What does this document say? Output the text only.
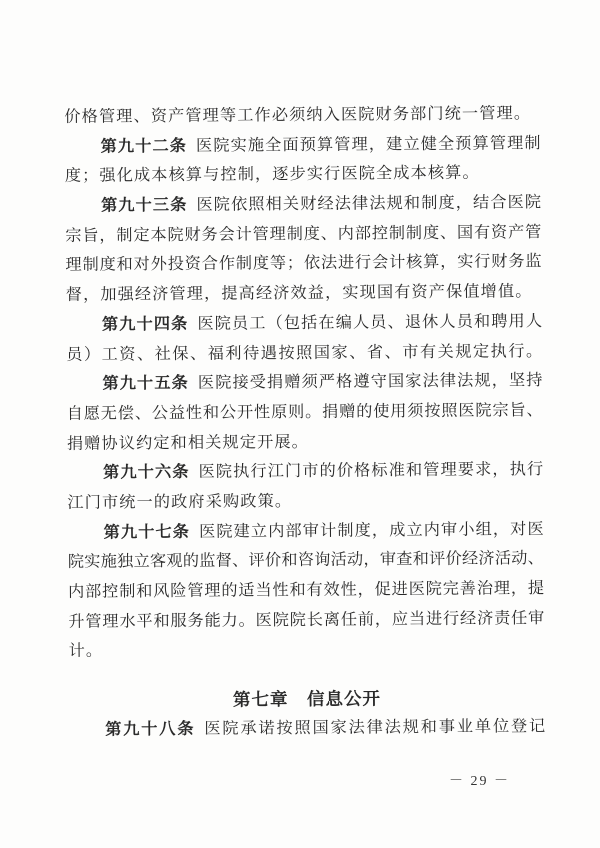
价格管理、资产管理等工作必须纳入医院财务部门统一管理。
第九十二条 医院实施全面预算管理，建立健全预算管理制
度；强化成本核算与控制，逐步实行医院全成本核算。
第九十三条 医院依照相关财经法律法规和制度，结合医院
宗旨，制定本院财务会计管理制度、内部控制制度、国有资产管
理制度和对外投资合作制度等；依法进行会计核算，实行财务监
督，加强经济管理，提高经济效益，实现国有资产保值增值。
第九十四条 医院员工（包括在编人员、退休人员和聘用人
员）工资、社保、福利待遇按照国家、省、市有关规定执行。
第九十五条 医院接受捐赠须严格遵守国家法律法规，坚持
自愿无偿、公益性和公开性原则。捐赠的使用须按照医院宗旨、
捐赠协议约定和相关规定开展。
第九十六条 医院执行江门市的价格标准和管理要求，执行
江门市统一的政府采购政策。
第九十七条 医院建立内部审计制度，成立内审小组，对医
院实施独立客观的监督、评价和咨询活动，审查和评价经济活动、
内部控制和风险管理的适当性和有效性，促进医院完善治理，提
升管理水平和服务能力。医院院长离任前，应当进行经济责任审
计。
第七章　信息公开
第九十八条 医院承诺按照国家法律法规和事业单位登记
－ 29 －
